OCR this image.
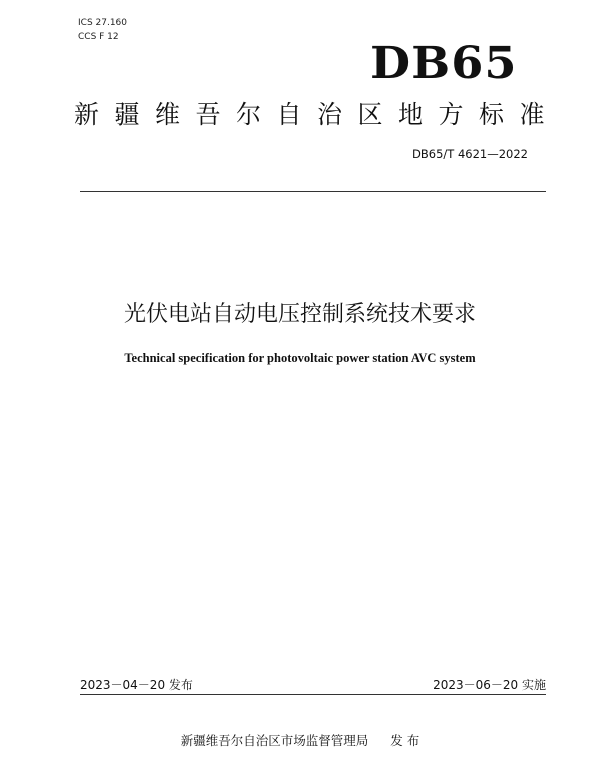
ICS 27.160
CCS F 12
DB65
新疆维吾尔自治区地方标准
DB65/T 4621—2022
光伏电站自动电压控制系统技术要求
Technical specification for photovoltaic power station AVC system
2023－04－20 发布	2023－06－20 实施
新疆维吾尔自治区市场监督管理局 发 布
